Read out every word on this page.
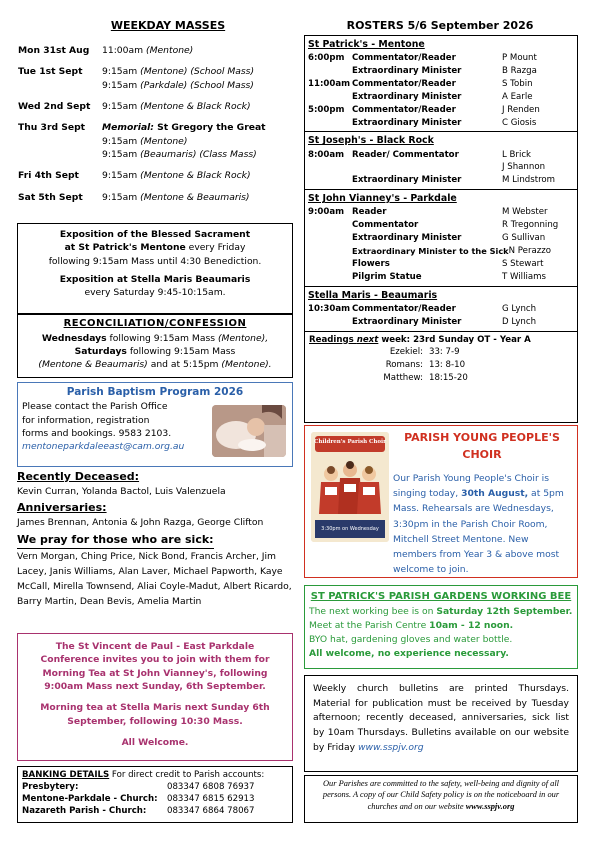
WEEKDAY MASSES
Mon 31st Aug	11:00am (Mentone)
Tue 1st Sept	9:15am (Mentone) (School Mass)
9:15am (Parkdale) (School Mass)
Wed 2nd Sept	9:15am (Mentone & Black Rock)
Thu 3rd Sept	Memorial: St Gregory the Great
9:15am (Mentone)
9:15am (Beaumaris) (Class Mass)
Fri 4th Sept	9:15am (Mentone & Black Rock)
Sat 5th Sept	9:15am (Mentone & Beaumaris)

Exposition of the Blessed Sacrament
at St Patrick's Mentone every Friday
following 9:15am Mass until 4:30 Benediction.

Exposition at Stella Maris Beaumaris
every Saturday 9:45-10:15am.

RECONCILIATION/CONFESSION
Wednesdays following 9:15am Mass (Mentone),
Saturdays following 9:15am Mass
(Mentone & Beaumaris) and at 5:15pm (Mentone).
Parish Baptism Program 2026
Please contact the Parish Office
for information, registration
forms and bookings. 9583 2103.
mentoneparkdaleeast@cam.org.au
Recently Deceased:

Kevin Curran, Yolanda Bactol, Luis Valenzuela

Anniversaries:

James Brennan, Antonia & John Razga, George Clifton

We pray for those who are sick:

Vern Morgan, Ching Price, Nick Bond, Francis Archer, Jim Lacey, Janis Williams, Alan Laver, Michael Papworth, Kaye McCall, Mirella Townsend, Aliai Coyle-Madut, Albert Ricardo, Barry Martin, Dean Bevis, Amelia Martin

The St Vincent de Paul - East Parkdale Conference invites you to join with them for Morning Tea at St John Vianney's, following 9:00am Mass next Sunday, 6th September.

Morning tea at Stella Maris next Sunday 6th September, following 10:30 Mass.

All Welcome.

BANKING DETAILS For direct credit to Parish accounts:
Presbytery:	083347 6808 76937
Mentone-Parkdale - Church:	083347 6815 62913
Nazareth Parish - Church:	083347 6864 78067
ROSTERS 5/6 September 2026
St Patrick's - Mentone
6:00pm Commentator/Reader	P Mount
Extraordinary Minister	B Razga
11:00am Commentator/Reader	S Tobin
Extraordinary Minister	A Earle
5:00pm Commentator/Reader	J Renden
Extraordinary Minister	C Giosis
St Joseph's - Black Rock
8:00am Reader/ Commentator	L Brick
J Shannon
Extraordinary Minister	M Lindstrom
St John Vianney's - Parkdale
9:00am Reader	M Webster
Commentator	R Tregonning
Extraordinary Minister	G Sullivan
Extraordinary Minister to the Sick N Perazzo
Flowers	S Stewart
Pilgrim Statue	T Williams
Stella Maris - Beaumaris
10:30am Commentator/Reader	G Lynch
Extraordinary Minister	D Lynch
Readings next week: 23rd Sunday OT - Year A
Ezekiel: 33: 7-9
Romans: 13: 8-10
Matthew: 18:15-20
Children's Parish Choir
3:30pm on Wednesday
PARISH YOUNG PEOPLE'S
CHOIR
Our Parish Young People's Choir is singing today, 30th August, at 5pm Mass. Rehearsals are Wednesdays, 3:30pm in the Parish Choir Room, Mitchell Street Mentone. New members from Year 3 & above most welcome to join.
ST PATRICK'S PARISH GARDENS WORKING BEE
The next working bee is on Saturday 12th September.
Meet at the Parish Centre 10am - 12 noon.
BYO hat, gardening gloves and water bottle.
All welcome, no experience necessary.
Weekly church bulletins are printed Thursdays. Material for publication must be received by Tuesday afternoon; recently deceased, anniversaries, sick list by 10am Thursdays. Bulletins available on our website by Friday www.sspjv.org
Our Parishes are committed to the safety, well-being and dignity of all persons. A copy of our Child Safety policy is on the noticeboard in our churches and on our website www.sspjv.org
